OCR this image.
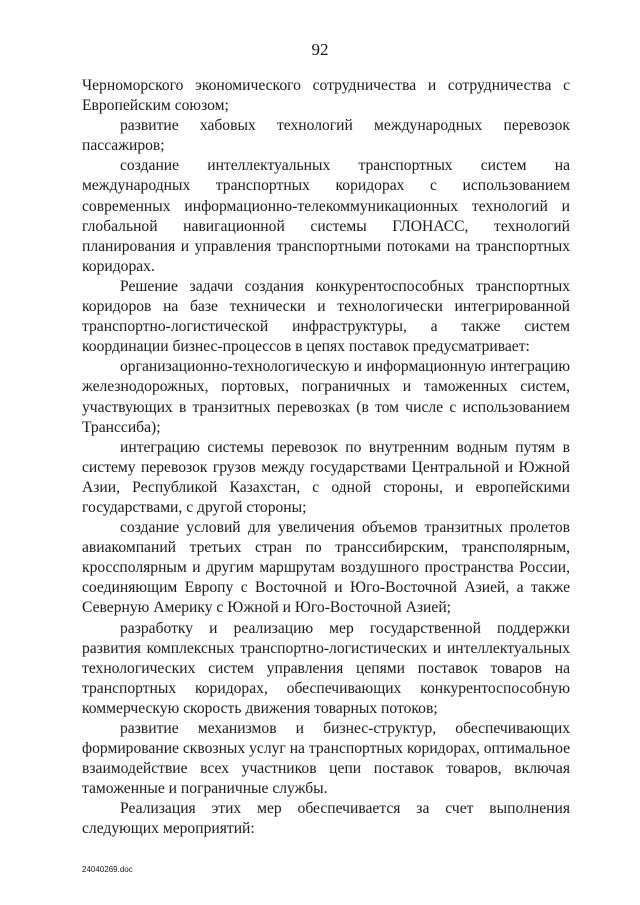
92

Черноморского экономического сотрудничества и сотрудничества с Европейским союзом;

развитие хабовых технологий международных перевозок пассажиров;

создание интеллектуальных транспортных систем на международных транспортных коридорах с использованием современных информационно-телекоммуникационных технологий и глобальной навигационной системы ГЛОНАСС, технологий планирования и управления транспортными потоками на транспортных коридорах.

Решение задачи создания конкурентоспособных транспортных коридоров на базе технически и технологически интегрированной транспортно-логистической инфраструктуры, а также систем координации бизнес-процессов в цепях поставок предусматривает:

организационно-технологическую и информационную интеграцию железнодорожных, портовых, пограничных и таможенных систем, участвующих в транзитных перевозках (в том числе с использованием Транссиба);

интеграцию системы перевозок по внутренним водным путям в систему перевозок грузов между государствами Центральной и Южной Азии, Республикой Казахстан, с одной стороны, и европейскими государствами, с другой стороны;

создание условий для увеличения объемов транзитных пролетов авиакомпаний третьих стран по транссибирским, трансполярным, кроссполярным и другим маршрутам воздушного пространства России, соединяющим Европу с Восточной и Юго-Восточной Азией, а также Северную Америку с Южной и Юго-Восточной Азией;

разработку и реализацию мер государственной поддержки развития комплексных транспортно-логистических и интеллектуальных технологических систем управления цепями поставок товаров на транспортных коридорах, обеспечивающих конкурентоспособную коммерческую скорость движения товарных потоков;

развитие механизмов и бизнес-структур, обеспечивающих формирование сквозных услуг на транспортных коридорах, оптимальное взаимодействие всех участников цепи поставок товаров, включая таможенные и пограничные службы.

Реализация этих мер обеспечивается за счет выполнения следующих мероприятий:

24040269.doc
